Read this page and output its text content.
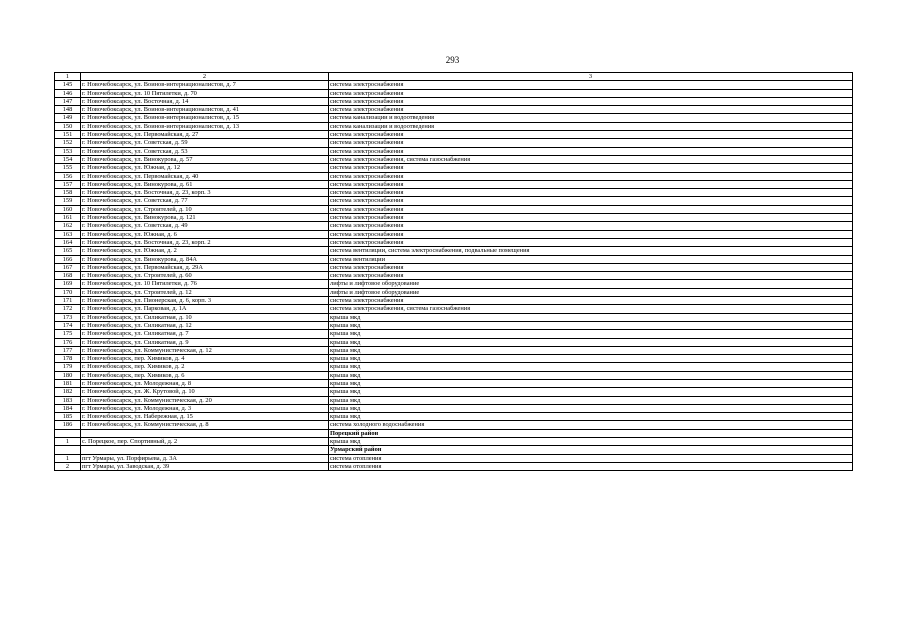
293
1	2	3
145	г. Новочебоксарск, ул. Воинов-интернационалистов, д. 7	система электроснабжения
146	г. Новочебоксарск, ул. 10 Пятилетки, д. 70	система электроснабжения
147	г. Новочебоксарск, ул. Восточная, д. 14	система электроснабжения
148	г. Новочебоксарск, ул. Воинов-интернационалистов, д. 41	система электроснабжения
149	г. Новочебоксарск, ул. Воинов-интернационалистов, д. 15	система канализации и водоотведения
150	г. Новочебоксарск, ул. Воинов-интернационалистов, д. 13	система канализации и водоотведения
151	г. Новочебоксарск, ул. Первомайская, д. 27	система электроснабжения
152	г. Новочебоксарск, ул. Советская, д. 59	система электроснабжения
153	г. Новочебоксарск, ул. Советская, д. 53	система электроснабжения
154	г. Новочебоксарск, ул. Винокурова, д. 57	система электроснабжения, система газоснабжения
155	г. Новочебоксарск, ул. Южная, д. 12	система электроснабжения
156	г. Новочебоксарск, ул. Первомайская, д. 40	система электроснабжения
157	г. Новочебоксарск, ул. Винокурова, д. 61	система электроснабжения
158	г. Новочебоксарск, ул. Восточная, д. 23, корп. 3	система электроснабжения
159	г. Новочебоксарск, ул. Советская, д. 77	система электроснабжения
160	г. Новочебоксарск, ул. Строителей, д. 10	система электроснабжения
161	г. Новочебоксарск, ул. Винокурова, д. 121	система электроснабжения
162	г. Новочебоксарск, ул. Советская, д. 49	система электроснабжения
163	г. Новочебоксарск, ул. Южная, д. 6	система электроснабжения
164	г. Новочебоксарск, ул. Восточная, д. 23, корп. 2	система электроснабжения
165	г. Новочебоксарск, ул. Южная, д. 2	система вентиляции, система электроснабжения, подвальные помещения
166	г. Новочебоксарск, ул. Винокурова, д. 84А	система вентиляции
167	г. Новочебоксарск, ул. Первомайская, д. 29А	система электроснабжения
168	г. Новочебоксарск, ул. Строителей, д. 60	система электроснабжения
169	г. Новочебоксарск, ул. 10 Пятилетки, д. 76	лифты и лифтовое оборудование
170	г. Новочебоксарск, ул. Строителей, д. 12	лифты и лифтовое оборудование
171	г. Новочебоксарск, ул. Пионерская, д. 6, корп. 3	система электроснабжения
172	г. Новочебоксарск, ул. Парковая, д. 1А	система электроснабжения, система газоснабжения
173	г. Новочебоксарск, ул. Силикатная, д. 10	крыша мкд
174	г. Новочебоксарск, ул. Силикатная, д. 12	крыша мкд
175	г. Новочебоксарск, ул. Силикатная, д. 7	крыша мкд
176	г. Новочебоксарск, ул. Силикатная, д. 9	крыша мкд
177	г. Новочебоксарск, ул. Коммунистическая, д. 12	крыша мкд
178	г. Новочебоксарск, пер. Химиков, д. 4	крыша мкд
179	г. Новочебоксарск, пер. Химиков, д. 2	крыша мкд
180	г. Новочебоксарск, пер. Химиков, д. 6	крыша мкд
181	г. Новочебоксарск, ул. Молодежная, д. 8	крыша мкд
182	г. Новочебоксарск, ул. Ж. Крутовой, д. 10	крыша мкд
183	г. Новочебоксарск, ул. Коммунистическая, д. 20	крыша мкд
184	г. Новочебоксарск, ул. Молодежная, д. 3	крыша мкд
185	г. Новочебоксарск, ул. Набережная, д. 15	крыша мкд
186	г. Новочебоксарск, ул. Коммунистическая, д. 8	система холодного водоснабжения
		Порецкий район
1	с. Порецкое, пер. Спортивный, д. 2	крыша мкд
		Урмарский район
1	пгт Урмары, ул. Порфирьева, д. 3А	система отопления
2	пгт Урмары, ул. Заводская, д. 39	система отопления
